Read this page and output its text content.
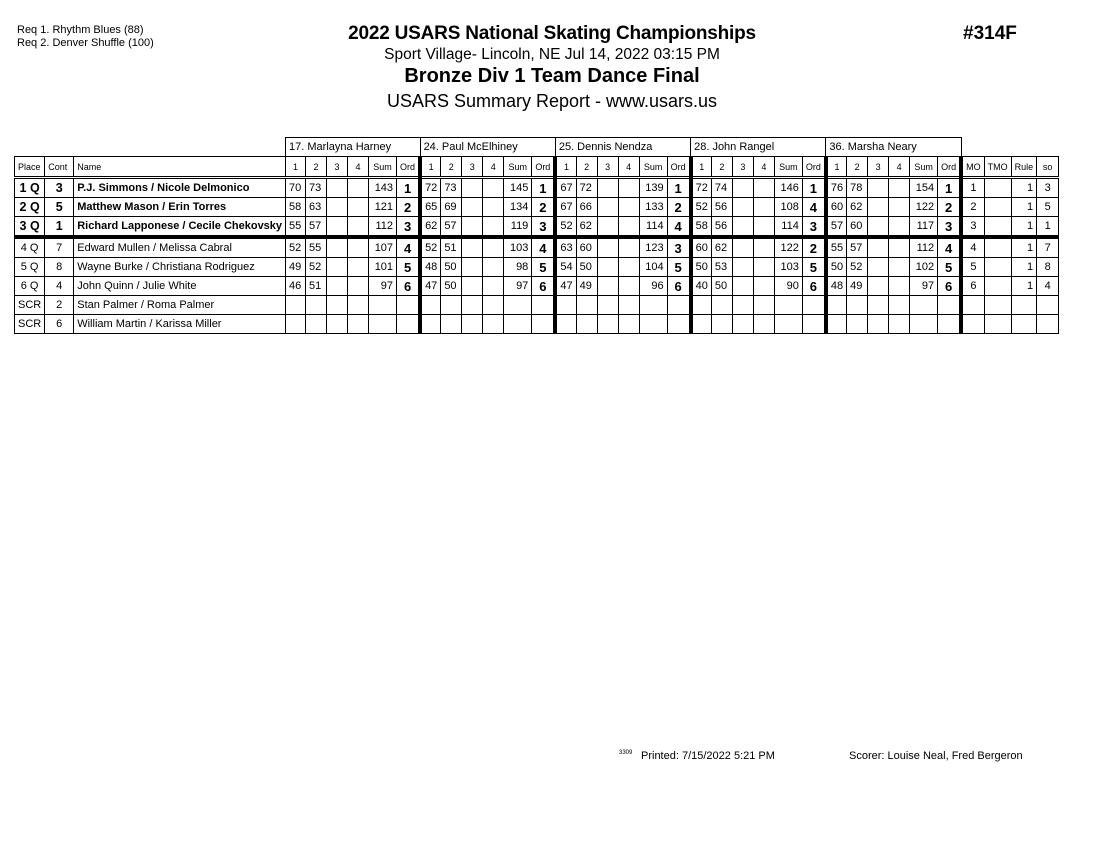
Req 1. Rhythm Blues (88)
Req 2. Denver Shuffle (100)	2022 USARS National Skating Championships
Sport Village- Lincoln, NE Jul 14, 2022 03:15 PM
Bronze Div 1 Team Dance Final
USARS Summary Report - www.usars.us
#314F
			17. Marlayna Harney						24. Paul McElhiney						25. Dennis Nendza						28. John Rangel						36. Marsha Neary									
Place	Cont	Name	1	2	3	4	Sum	Ord	1	2	3	4	Sum	Ord	1	2	3	4	Sum	Ord	1	2	3	4	Sum	Ord	1	2	3	4	Sum	Ord	MO	TMO	Rule	so
1 Q	3	P.J. Simmons / Nicole Delmonico	70	73			143	1	72	73			145	1	67	72			139	1	72	74			146	1	76	78			154	1	1		1	3
2 Q	5	Matthew Mason / Erin Torres	58	63			121	2	65	69			134	2	67	66			133	2	52	56			108	4	60	62			122	2	2		1	5
3 Q	1	Richard Lapponese / Cecile Chekovsky	55	57			112	3	62	57			119	3	52	62			114	4	58	56			114	3	57	60			117	3	3		1	1
4 Q	7	Edward Mullen / Melissa Cabral	52	55			107	4	52	51			103	4	63	60			123	3	60	62			122	2	55	57			112	4	4		1	7
5 Q	8	Wayne Burke / Christiana Rodriguez	49	52			101	5	48	50			98	5	54	50			104	5	50	53			103	5	50	52			102	5	5		1	8
6 Q	4	John Quinn / Julie White	46	51			97	6	47	50			97	6	47	49			96	6	40	50			90	6	48	49			97	6	6		1	4
SCR	2	Stan Palmer / Roma Palmer																																		
SCR	6	William Martin / Karissa Miller																																		
3309 Printed: 7/15/2022 5:21 PM	Scorer: Louise Neal, Fred Bergeron
